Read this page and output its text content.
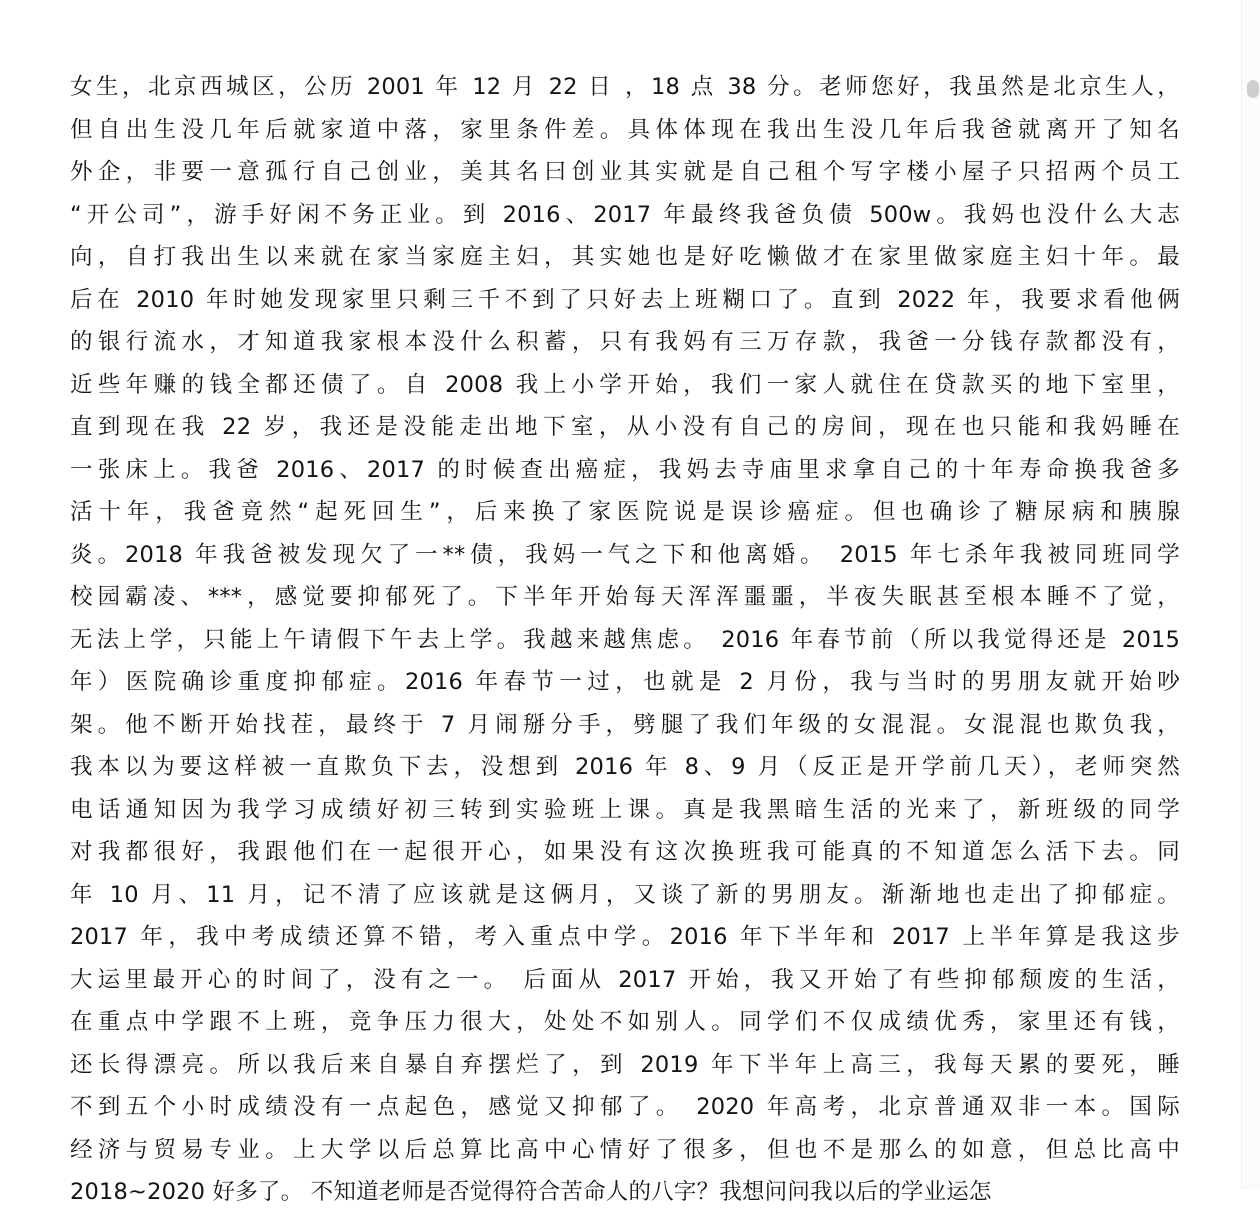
女生，北京西城区，公历 2001 年 12 月 22 日 ，18 点 38 分。老师您好，我虽然是北京生人，
但自出生没几年后就家道中落，家里条件差。具体体现在我出生没几年后我爸就离开了知名
外企，非要一意孤行自己创业，美其名曰创业其实就是自己租个写字楼小屋子只招两个员工
“开公司”，游手好闲不务正业。到 2016、2017 年最终我爸负债 500w。我妈也没什么大志
向，自打我出生以来就在家当家庭主妇，其实她也是好吃懒做才在家里做家庭主妇十年。最
后在 2010 年时她发现家里只剩三千不到了只好去上班糊口了。直到 2022 年，我要求看他俩
的银行流水，才知道我家根本没什么积蓄，只有我妈有三万存款，我爸一分钱存款都没有，
近些年赚的钱全都还债了。自 2008 我上小学开始，我们一家人就住在贷款买的地下室里，
直到现在我 22 岁，我还是没能走出地下室，从小没有自己的房间，现在也只能和我妈睡在
一张床上。我爸 2016、2017 的时候查出癌症，我妈去寺庙里求拿自己的十年寿命换我爸多
活十年，我爸竟然“起死回生”，后来换了家医院说是误诊癌症。但也确诊了糖尿病和胰腺
炎。2018 年我爸被发现欠了一**债，我妈一气之下和他离婚。 2015 年七杀年我被同班同学
校园霸凌、***，感觉要抑郁死了。下半年开始每天浑浑噩噩，半夜失眠甚至根本睡不了觉，
无法上学，只能上午请假下午去上学。我越来越焦虑。 2016 年春节前（所以我觉得还是 2015
年）医院确诊重度抑郁症。2016 年春节一过，也就是 2 月份，我与当时的男朋友就开始吵
架。他不断开始找茬，最终于 7 月闹掰分手，劈腿了我们年级的女混混。女混混也欺负我，
我本以为要这样被一直欺负下去，没想到 2016 年 8、9 月（反正是开学前几天），老师突然
电话通知因为我学习成绩好初三转到实验班上课。真是我黑暗生活的光来了，新班级的同学
对我都很好，我跟他们在一起很开心，如果没有这次换班我可能真的不知道怎么活下去。同
年 10 月、11 月，记不清了应该就是这俩月，又谈了新的男朋友。渐渐地也走出了抑郁症。
2017 年，我中考成绩还算不错，考入重点中学。2016 年下半年和 2017 上半年算是我这步
大运里最开心的时间了，没有之一。 后面从 2017 开始，我又开始了有些抑郁颓废的生活，
在重点中学跟不上班，竞争压力很大，处处不如别人。同学们不仅成绩优秀，家里还有钱，
还长得漂亮。所以我后来自暴自弃摆烂了，到 2019 年下半年上高三，我每天累的要死，睡
不到五个小时成绩没有一点起色，感觉又抑郁了。 2020 年高考，北京普通双非一本。国际
经济与贸易专业。上大学以后总算比高中心情好了很多，但也不是那么的如意，但总比高中
2018~2020 好多了。 不知道老师是否觉得符合苦命人的八字？我想问问我以后的学业运怎
